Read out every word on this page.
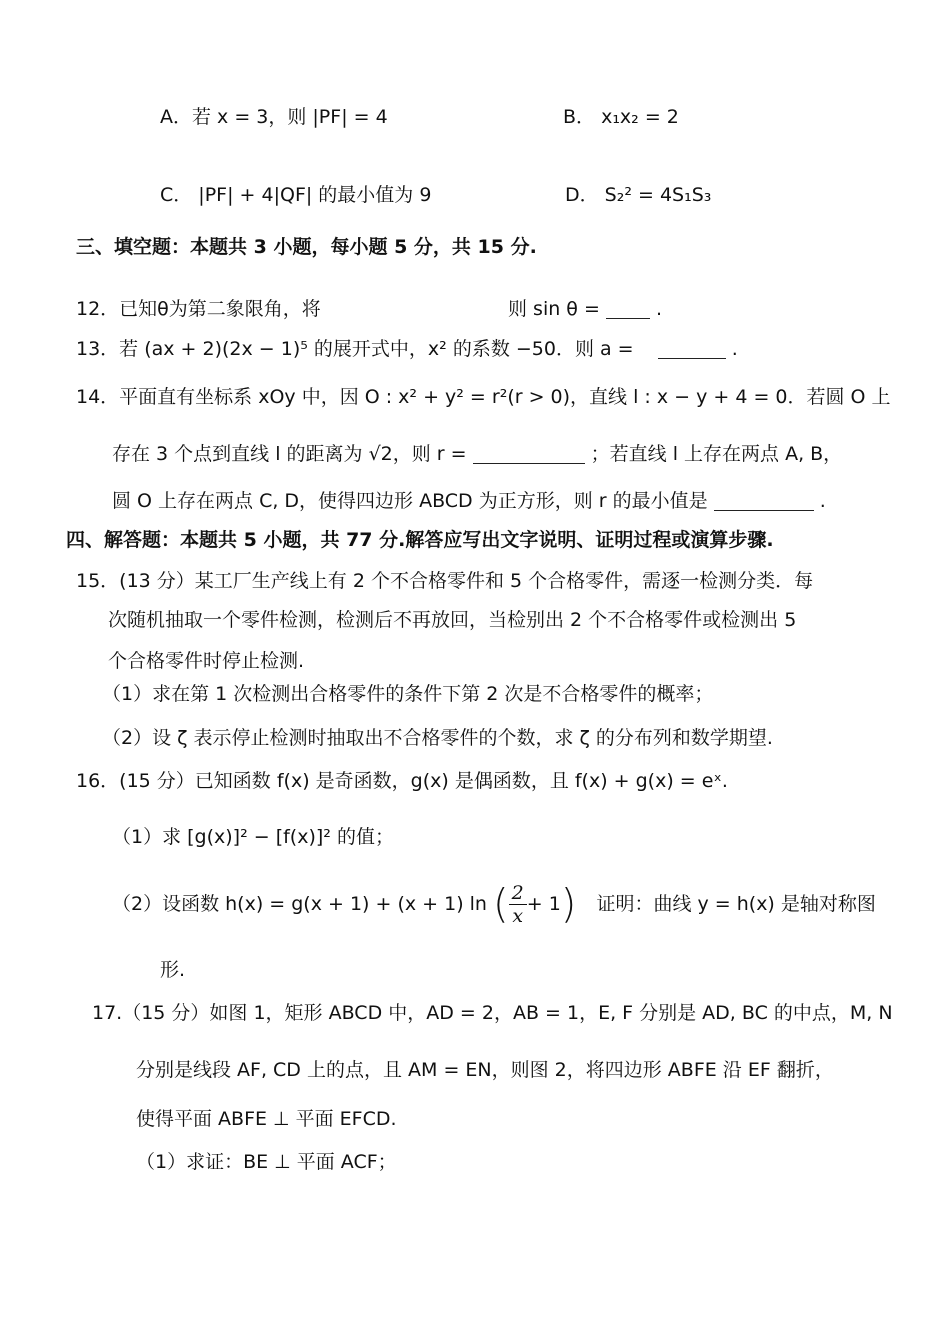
A．若 x = 3，则 |PF| = 4	B． x₁x₂ = 2
C． |PF| + 4|QF| 的最小值为 9	D． S₂² = 4S₁S₃
三、填空题：本题共 3 小题，每小题 5 分，共 15 分.
12．已知θ为第二象限角，将	则 sin θ =	.
13．若 (ax + 2)(2x − 1)⁵ 的展开式中，x² 的系数 −50．则 a =	.
14．平面直有坐标系 xOy 中，因 O : x² + y² = r²(r > 0)，直线 l : x − y + 4 = 0．若圆 O 上
存在 3 个点到直线 l 的距离为 √2，则 r =	；若直线 l 上存在两点 A, B，
圆 O 上存在两点 C, D，使得四边形 ABCD 为正方形，则 r 的最小值是	.
四、解答题：本题共 5 小题，共 77 分.解答应写出文字说明、证明过程或演算步骤.
15．(13 分）某工厂生产线上有 2 个不合格零件和 5 个合格零件，需逐一检测分类．每
次随机抽取一个零件检测，检测后不再放回，当检别出 2 个不合格零件或检测出 5
个合格零件时停止检测.
（1）求在第 1 次检测出合格零件的条件下第 2 次是不合格零件的概率；
（2）设 ζ 表示停止检测时抽取出不合格零件的个数，求 ζ 的分布列和数学期望.
16．(15 分）已知函数 f(x) 是奇函数，g(x) 是偶函数，且 f(x) + g(x) = eˣ.
（1）求 [g(x)]² − [f(x)]² 的值；
（2）设函数 h(x) = g(x + 1) + (x + 1) ln ( $\frac{2}{x} + 1$) 证明：曲线 y = h(x) 是轴对称图
形.
17.（15 分）如图 1，矩形 ABCD 中，AD = 2，AB = 1，E, F 分别是 AD, BC 的中点，M, N
分别是线段 AF, CD 上的点，且 AM = EN，则图 2，将四边形 ABFE 沿 EF 翻折，
使得平面 ABFE ⊥ 平面 EFCD.
（1）求证：BE ⊥ 平面 ACF；
